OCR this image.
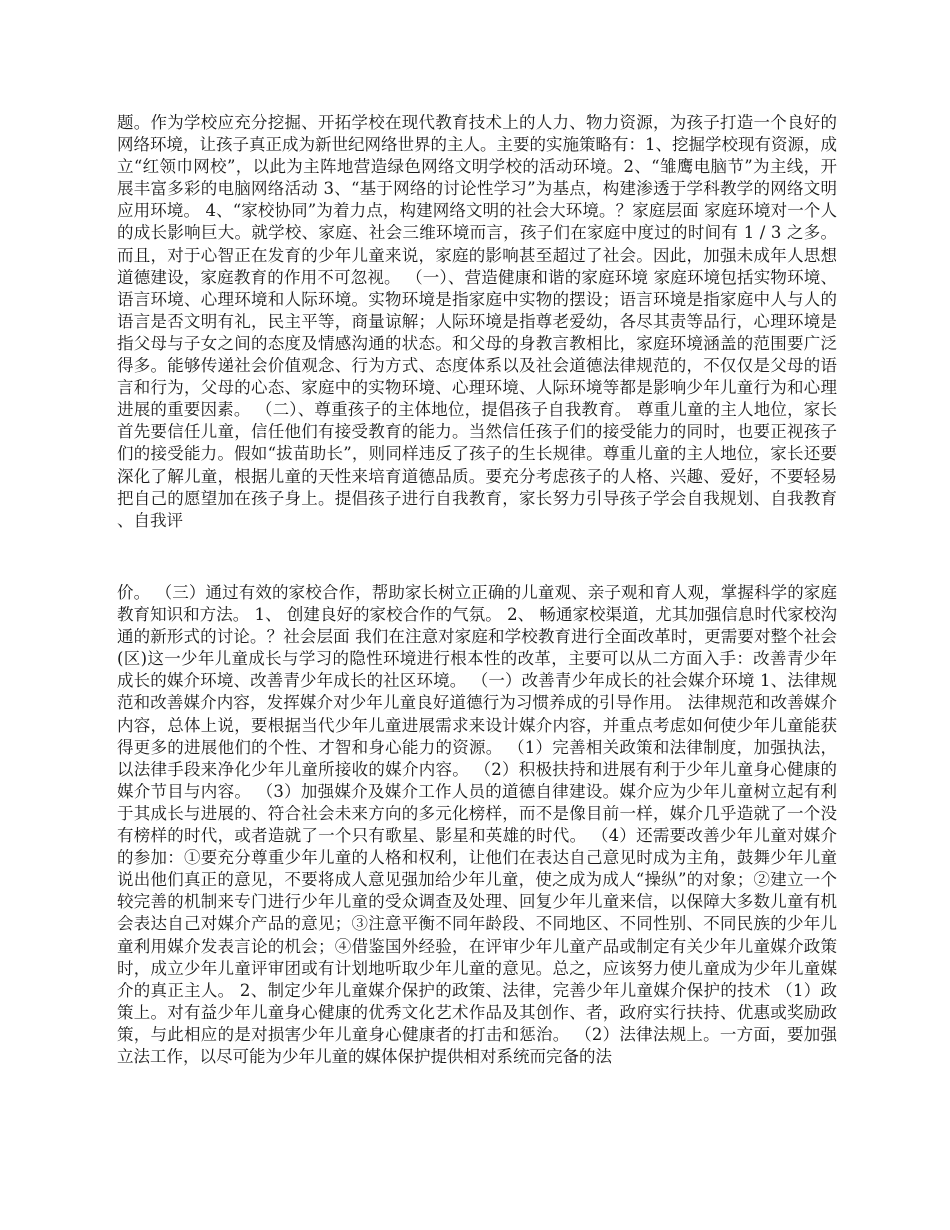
题。作为学校应充分挖掘、开拓学校在现代教育技术上的人力、物力资源，为孩子打造一个良好的网络环境，让孩子真正成为新世纪网络世界的主人。主要的实施策略有：1、挖掘学校现有资源，成立“红领巾网校”，以此为主阵地营造绿色网络文明学校的活动环境。2、“雏鹰电脑节”为主线，开展丰富多彩的电脑网络活动 3、“基于网络的讨论性学习”为基点，构建渗透于学科教学的网络文明应用环境。 4、“家校协同”为着力点，构建网络文明的社会大环境。？家庭层面 家庭环境对一个人的成长影响巨大。就学校、家庭、社会三维环境而言，孩子们在家庭中度过的时间有 1 / 3 之多。而且，对于心智正在发育的少年儿童来说，家庭的影响甚至超过了社会。因此，加强未成年人思想道德建设，家庭教育的作用不可忽视。 （一）、营造健康和谐的家庭环境 家庭环境包括实物环境、语言环境、心理环境和人际环境。实物环境是指家庭中实物的摆设；语言环境是指家庭中人与人的语言是否文明有礼，民主平等，商量谅解；人际环境是指尊老爱幼，各尽其责等品行，心理环境是指父母与子女之间的态度及情感沟通的状态。和父母的身教言教相比，家庭环境涵盖的范围要广泛得多。能够传递社会价值观念、行为方式、态度体系以及社会道德法律规范的，不仅仅是父母的语言和行为，父母的心态、家庭中的实物环境、心理环境、人际环境等都是影响少年儿童行为和心理进展的重要因素。 （二）、尊重孩子的主体地位，提倡孩子自我教育。 尊重儿童的主人地位，家长首先要信任儿童，信任他们有接受教育的能力。当然信任孩子们的接受能力的同时，也要正视孩子们的接受能力。假如“拔苗助长”，则同样违反了孩子的生长规律。尊重儿童的主人地位，家长还要深化了解儿童，根据儿童的天性来培育道德品质。要充分考虑孩子的人格、兴趣、爱好，不要轻易把自己的愿望加在孩子身上。提倡孩子进行自我教育，家长努力引导孩子学会自我规划、自我教育、自我评
价。 （三）通过有效的家校合作，帮助家长树立正确的儿童观、亲子观和育人观，掌握科学的家庭教育知识和方法。 1、 创建良好的家校合作的气氛。 2、 畅通家校渠道，尤其加强信息时代家校沟通的新形式的讨论。？社会层面 我们在注意对家庭和学校教育进行全面改革时，更需要对整个社会(区)这一少年儿童成长与学习的隐性环境进行根本性的改革，主要可以从二方面入手：改善青少年成长的媒介环境、改善青少年成长的社区环境。 （一）改善青少年成长的社会媒介环境 1、法律规范和改善媒介内容，发挥媒介对少年儿童良好道德行为习惯养成的引导作用。 法律规范和改善媒介内容，总体上说，要根据当代少年儿童进展需求来设计媒介内容，并重点考虑如何使少年儿童能获得更多的进展他们的个性、才智和身心能力的资源。 （1）完善相关政策和法律制度，加强执法，以法律手段来净化少年儿童所接收的媒介内容。 （2）积极扶持和进展有利于少年儿童身心健康的媒介节目与内容。 （3）加强媒介及媒介工作人员的道德自律建设。媒介应为少年儿童树立起有利于其成长与进展的、符合社会未来方向的多元化榜样，而不是像目前一样，媒介几乎造就了一个没有榜样的时代，或者造就了一个只有歌星、影星和英雄的时代。 （4）还需要改善少年儿童对媒介的参加：①要充分尊重少年儿童的人格和权利，让他们在表达自己意见时成为主角，鼓舞少年儿童说出他们真正的意见，不要将成人意见强加给少年儿童，使之成为成人“操纵”的对象；②建立一个较完善的机制来专门进行少年儿童的受众调查及处理、回复少年儿童来信，以保障大多数儿童有机会表达自己对媒介产品的意见；③注意平衡不同年龄段、不同地区、不同性别、不同民族的少年儿童利用媒介发表言论的机会；④借鉴国外经验，在评审少年儿童产品或制定有关少年儿童媒介政策时，成立少年儿童评审团或有计划地听取少年儿童的意见。总之，应该努力使儿童成为少年儿童媒介的真正主人。 2、制定少年儿童媒介保护的政策、法律，完善少年儿童媒介保护的技术 （1）政策上。对有益少年儿童身心健康的优秀文化艺术作品及其创作、者，政府实行扶持、优惠或奖励政策，与此相应的是对损害少年儿童身心健康者的打击和惩治。 （2）法律法规上。一方面，要加强立法工作，以尽可能为少年儿童的媒体保护提供相对系统而完备的法
